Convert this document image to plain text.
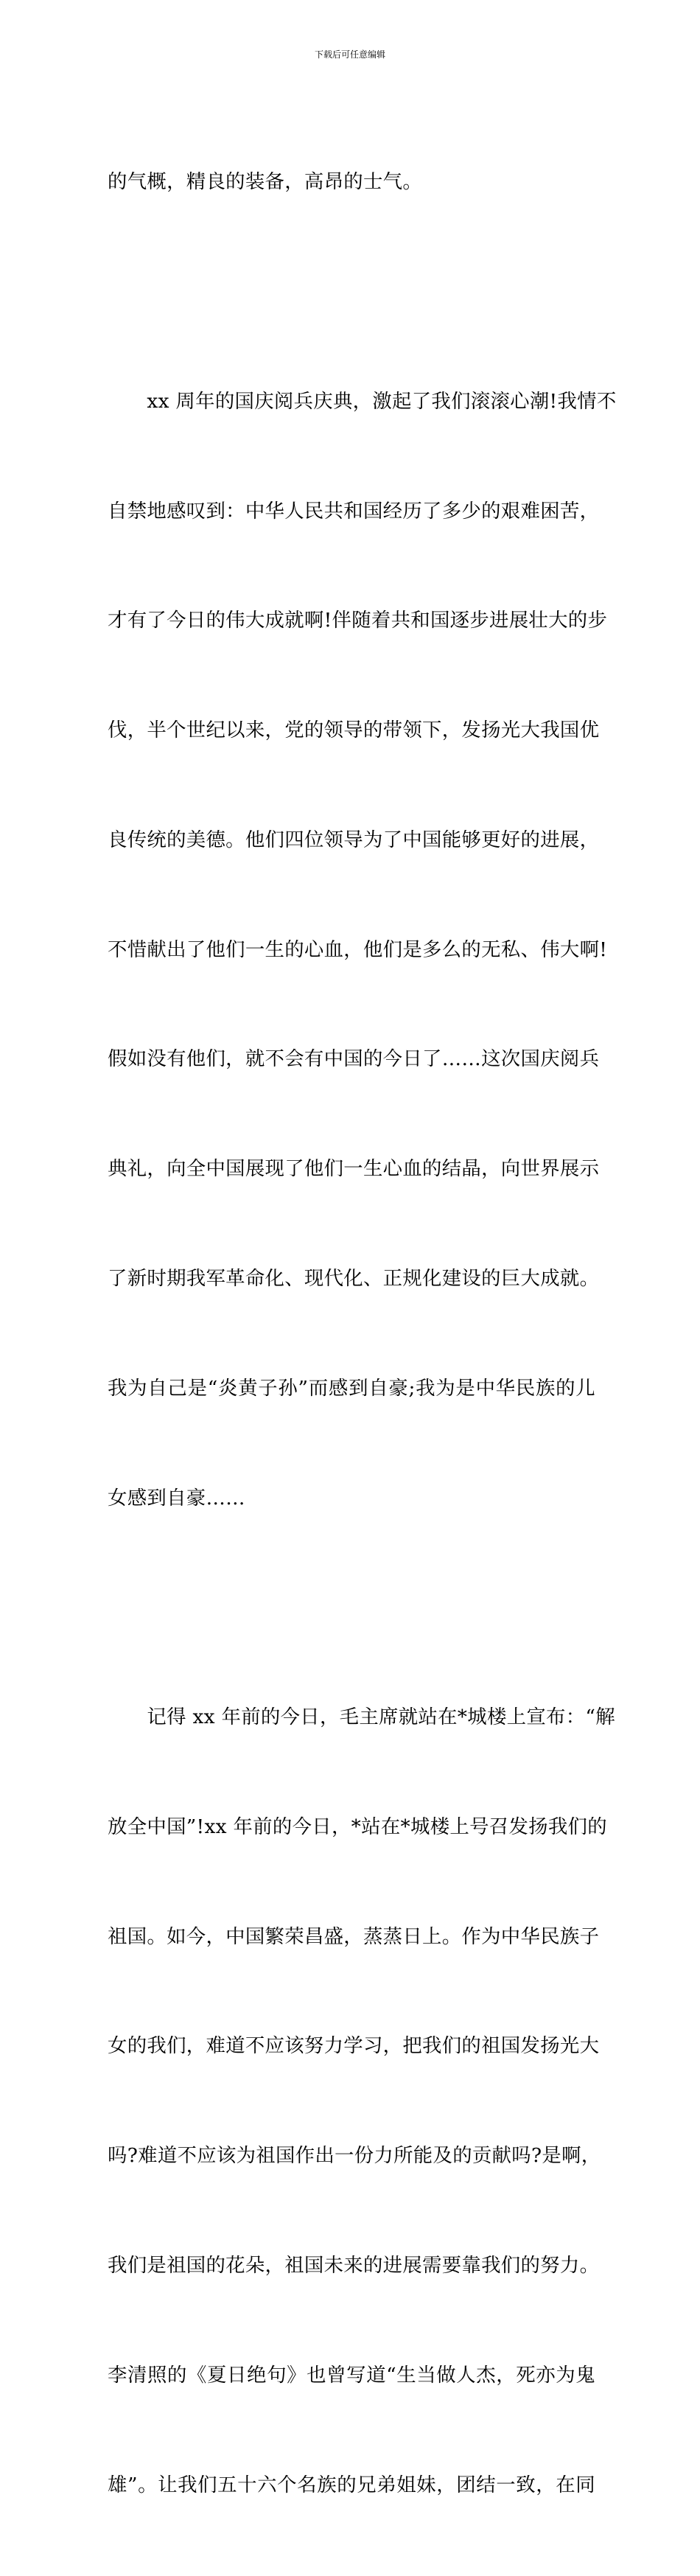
下载后可任意编辑

的气概，精良的装备，高昂的士气。

　　xx 周年的国庆阅兵庆典，激起了我们滚滚心潮!我情不

自禁地感叹到：中华人民共和国经历了多少的艰难困苦，

才有了今日的伟大成就啊!伴随着共和国逐步进展壮大的步

伐，半个世纪以来，党的领导的带领下，发扬光大我国优

良传统的美德。他们四位领导为了中国能够更好的进展，

不惜献出了他们一生的心血，他们是多么的无私、伟大啊!

假如没有他们，就不会有中国的今日了……这次国庆阅兵

典礼，向全中国展现了他们一生心血的结晶，向世界展示

了新时期我军革命化、现代化、正规化建设的巨大成就。

我为自己是“炎黄子孙”而感到自豪;我为是中华民族的儿

女感到自豪……

　　记得 xx 年前的今日，毛主席就站在*城楼上宣布：“解

放全中国”!xx 年前的今日，*站在*城楼上号召发扬我们的

祖国。如今，中国繁荣昌盛，蒸蒸日上。作为中华民族子

女的我们，难道不应该努力学习，把我们的祖国发扬光大

吗?难道不应该为祖国作出一份力所能及的贡献吗?是啊，

我们是祖国的花朵，祖国未来的进展需要靠我们的努力。

李清照的《夏日绝句》也曾写道“生当做人杰，死亦为鬼

雄”。让我们五十六个名族的兄弟姐妹，团结一致，在同
